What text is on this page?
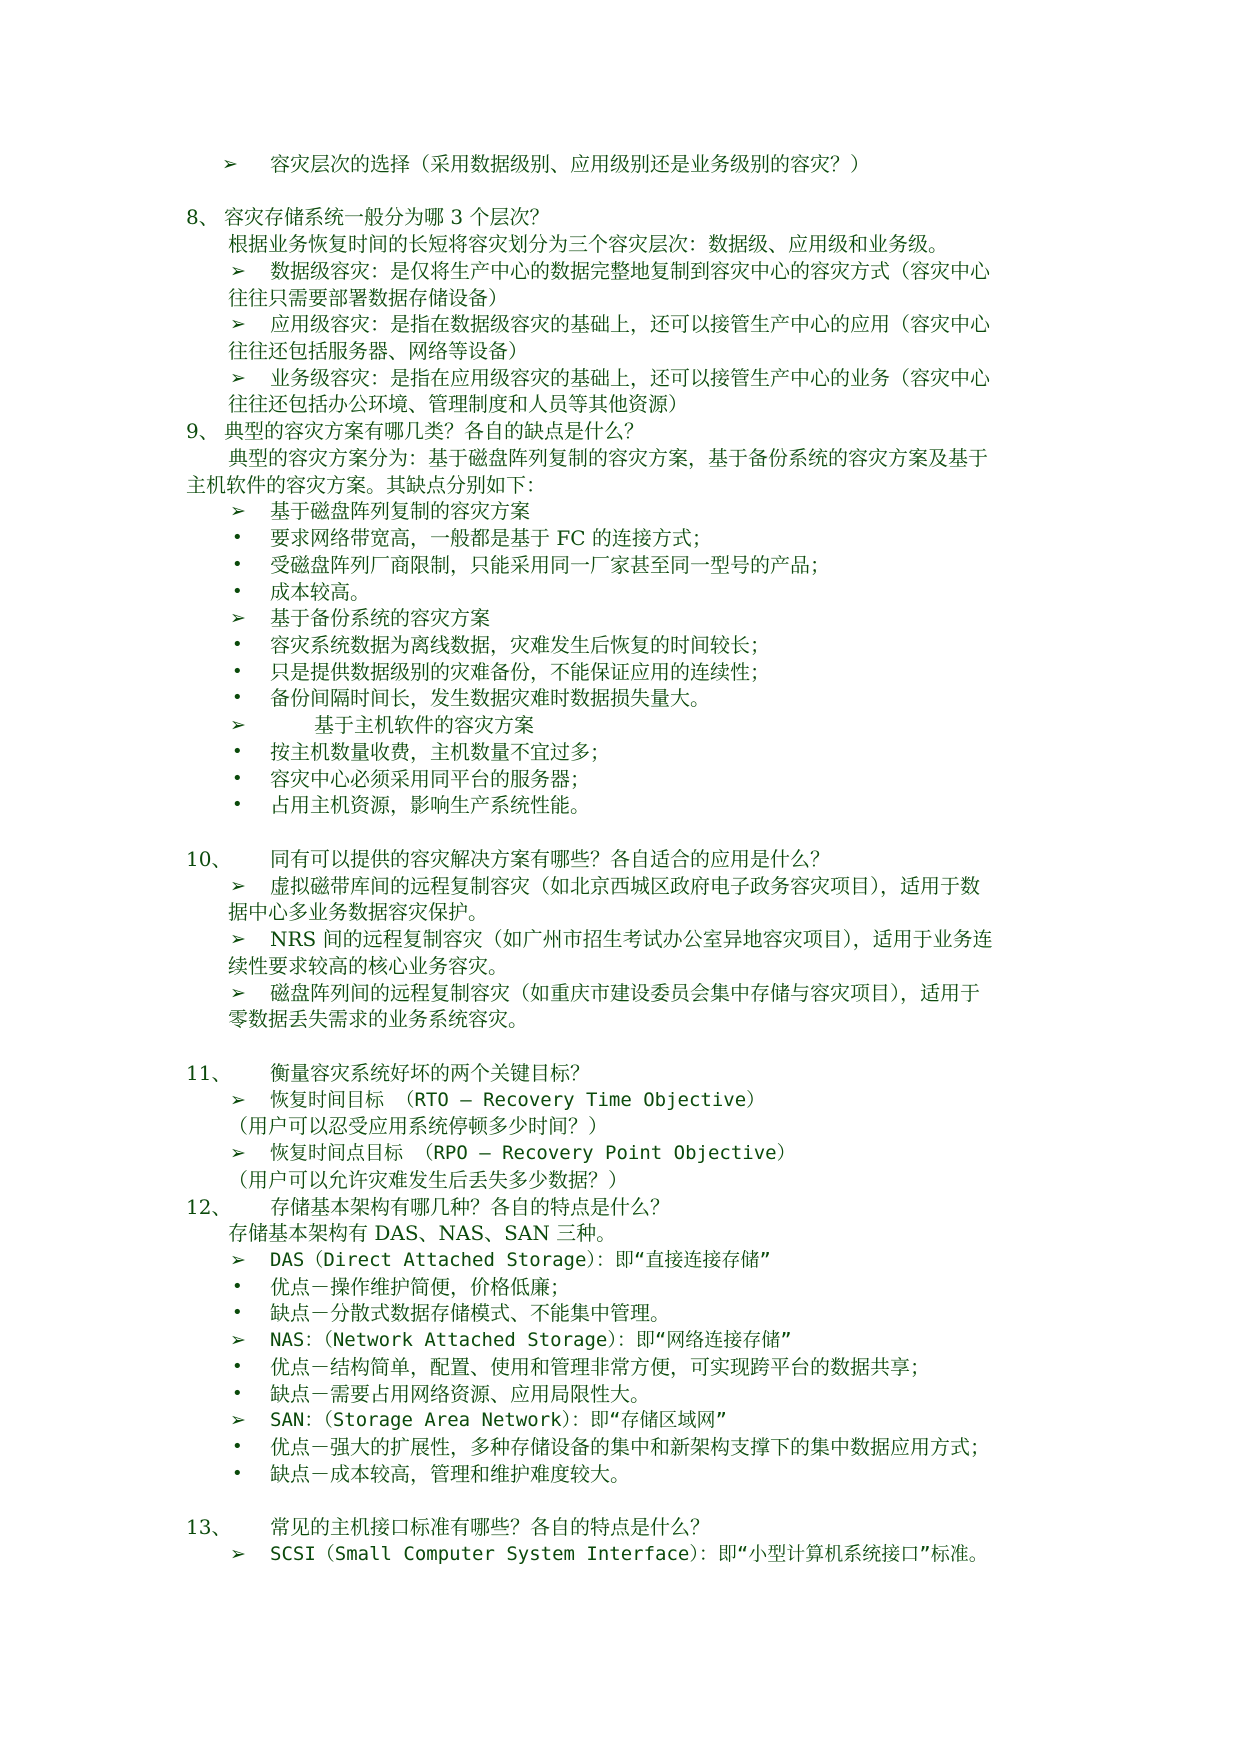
➢ 容灾层次的选择（采用数据级别、应用级别还是业务级别的容灾？）
8、 容灾存储系统一般分为哪 3 个层次？
根据业务恢复时间的长短将容灾划分为三个容灾层次：数据级、应用级和业务级。
➢ 数据级容灾：是仅将生产中心的数据完整地复制到容灾中心的容灾方式（容灾中心
往往只需要部署数据存储设备）
➢ 应用级容灾：是指在数据级容灾的基础上，还可以接管生产中心的应用（容灾中心
往往还包括服务器、网络等设备）
➢ 业务级容灾：是指在应用级容灾的基础上，还可以接管生产中心的业务（容灾中心
往往还包括办公环境、管理制度和人员等其他资源）
9、 典型的容灾方案有哪几类？各自的缺点是什么？
典型的容灾方案分为：基于磁盘阵列复制的容灾方案，基于备份系统的容灾方案及基于
主机软件的容灾方案。其缺点分别如下：
➢ 基于磁盘阵列复制的容灾方案
• 要求网络带宽高，一般都是基于 FC 的连接方式；
• 受磁盘阵列厂商限制，只能采用同一厂家甚至同一型号的产品；
• 成本较高。
➢ 基于备份系统的容灾方案
• 容灾系统数据为离线数据，灾难发生后恢复的时间较长；
• 只是提供数据级别的灾难备份，不能保证应用的连续性；
• 备份间隔时间长，发生数据灾难时数据损失量大。
➢	基于主机软件的容灾方案
• 按主机数量收费，主机数量不宜过多；
• 容灾中心必须采用同平台的服务器；
• 占用主机资源，影响生产系统性能。
10、 同有可以提供的容灾解决方案有哪些？各自适合的应用是什么？
➢ 虚拟磁带库间的远程复制容灾（如北京西城区政府电子政务容灾项目），适用于数
据中心多业务数据容灾保护。
➢ NRS 间的远程复制容灾（如广州市招生考试办公室异地容灾项目），适用于业务连
续性要求较高的核心业务容灾。
➢ 磁盘阵列间的远程复制容灾（如重庆市建设委员会集中存储与容灾项目），适用于
零数据丢失需求的业务系统容灾。
11、 衡量容灾系统好坏的两个关键目标？
➢ 恢复时间目标 （RTO – Recovery Time Objective）
（用户可以忍受应用系统停顿多少时间？）
➢ 恢复时间点目标 （RPO – Recovery Point Objective）
（用户可以允许灾难发生后丢失多少数据？）
12、 存储基本架构有哪几种？各自的特点是什么？
存储基本架构有 DAS、NAS、SAN 三种。
➢ DAS（Direct Attached Storage）：即“直接连接存储”
• 优点－操作维护简便，价格低廉；
• 缺点－分散式数据存储模式、不能集中管理。
➢ NAS：（Network Attached Storage）：即“网络连接存储”
• 优点－结构简单，配置、使用和管理非常方便，可实现跨平台的数据共享；
• 缺点－需要占用网络资源、应用局限性大。
➢ SAN：（Storage Area Network）：即“存储区域网”
• 优点－强大的扩展性，多种存储设备的集中和新架构支撑下的集中数据应用方式；
• 缺点－成本较高，管理和维护难度较大。
13、 常见的主机接口标准有哪些？各自的特点是什么？
➢ SCSI（Small Computer System Interface）：即“小型计算机系统接口”标准。
